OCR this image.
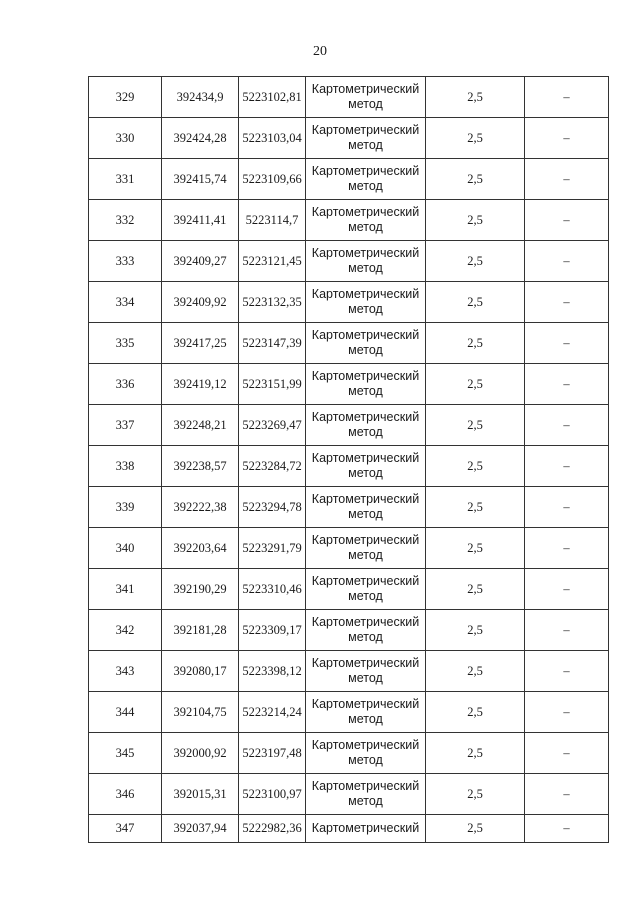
20
329	392434,9	5223102,81	Картометрический метод	2,5	–
330	392424,28	5223103,04	Картометрический метод	2,5	–
331	392415,74	5223109,66	Картометрический метод	2,5	–
332	392411,41	5223114,7	Картометрический метод	2,5	–
333	392409,27	5223121,45	Картометрический метод	2,5	–
334	392409,92	5223132,35	Картометрический метод	2,5	–
335	392417,25	5223147,39	Картометрический метод	2,5	–
336	392419,12	5223151,99	Картометрический метод	2,5	–
337	392248,21	5223269,47	Картометрический метод	2,5	–
338	392238,57	5223284,72	Картометрический метод	2,5	–
339	392222,38	5223294,78	Картометрический метод	2,5	–
340	392203,64	5223291,79	Картометрический метод	2,5	–
341	392190,29	5223310,46	Картометрический метод	2,5	–
342	392181,28	5223309,17	Картометрический метод	2,5	–
343	392080,17	5223398,12	Картометрический метод	2,5	–
344	392104,75	5223214,24	Картометрический метод	2,5	–
345	392000,92	5223197,48	Картометрический метод	2,5	–
346	392015,31	5223100,97	Картометрический метод	2,5	–
347	392037,94	5222982,36	Картометрический	2,5	–
